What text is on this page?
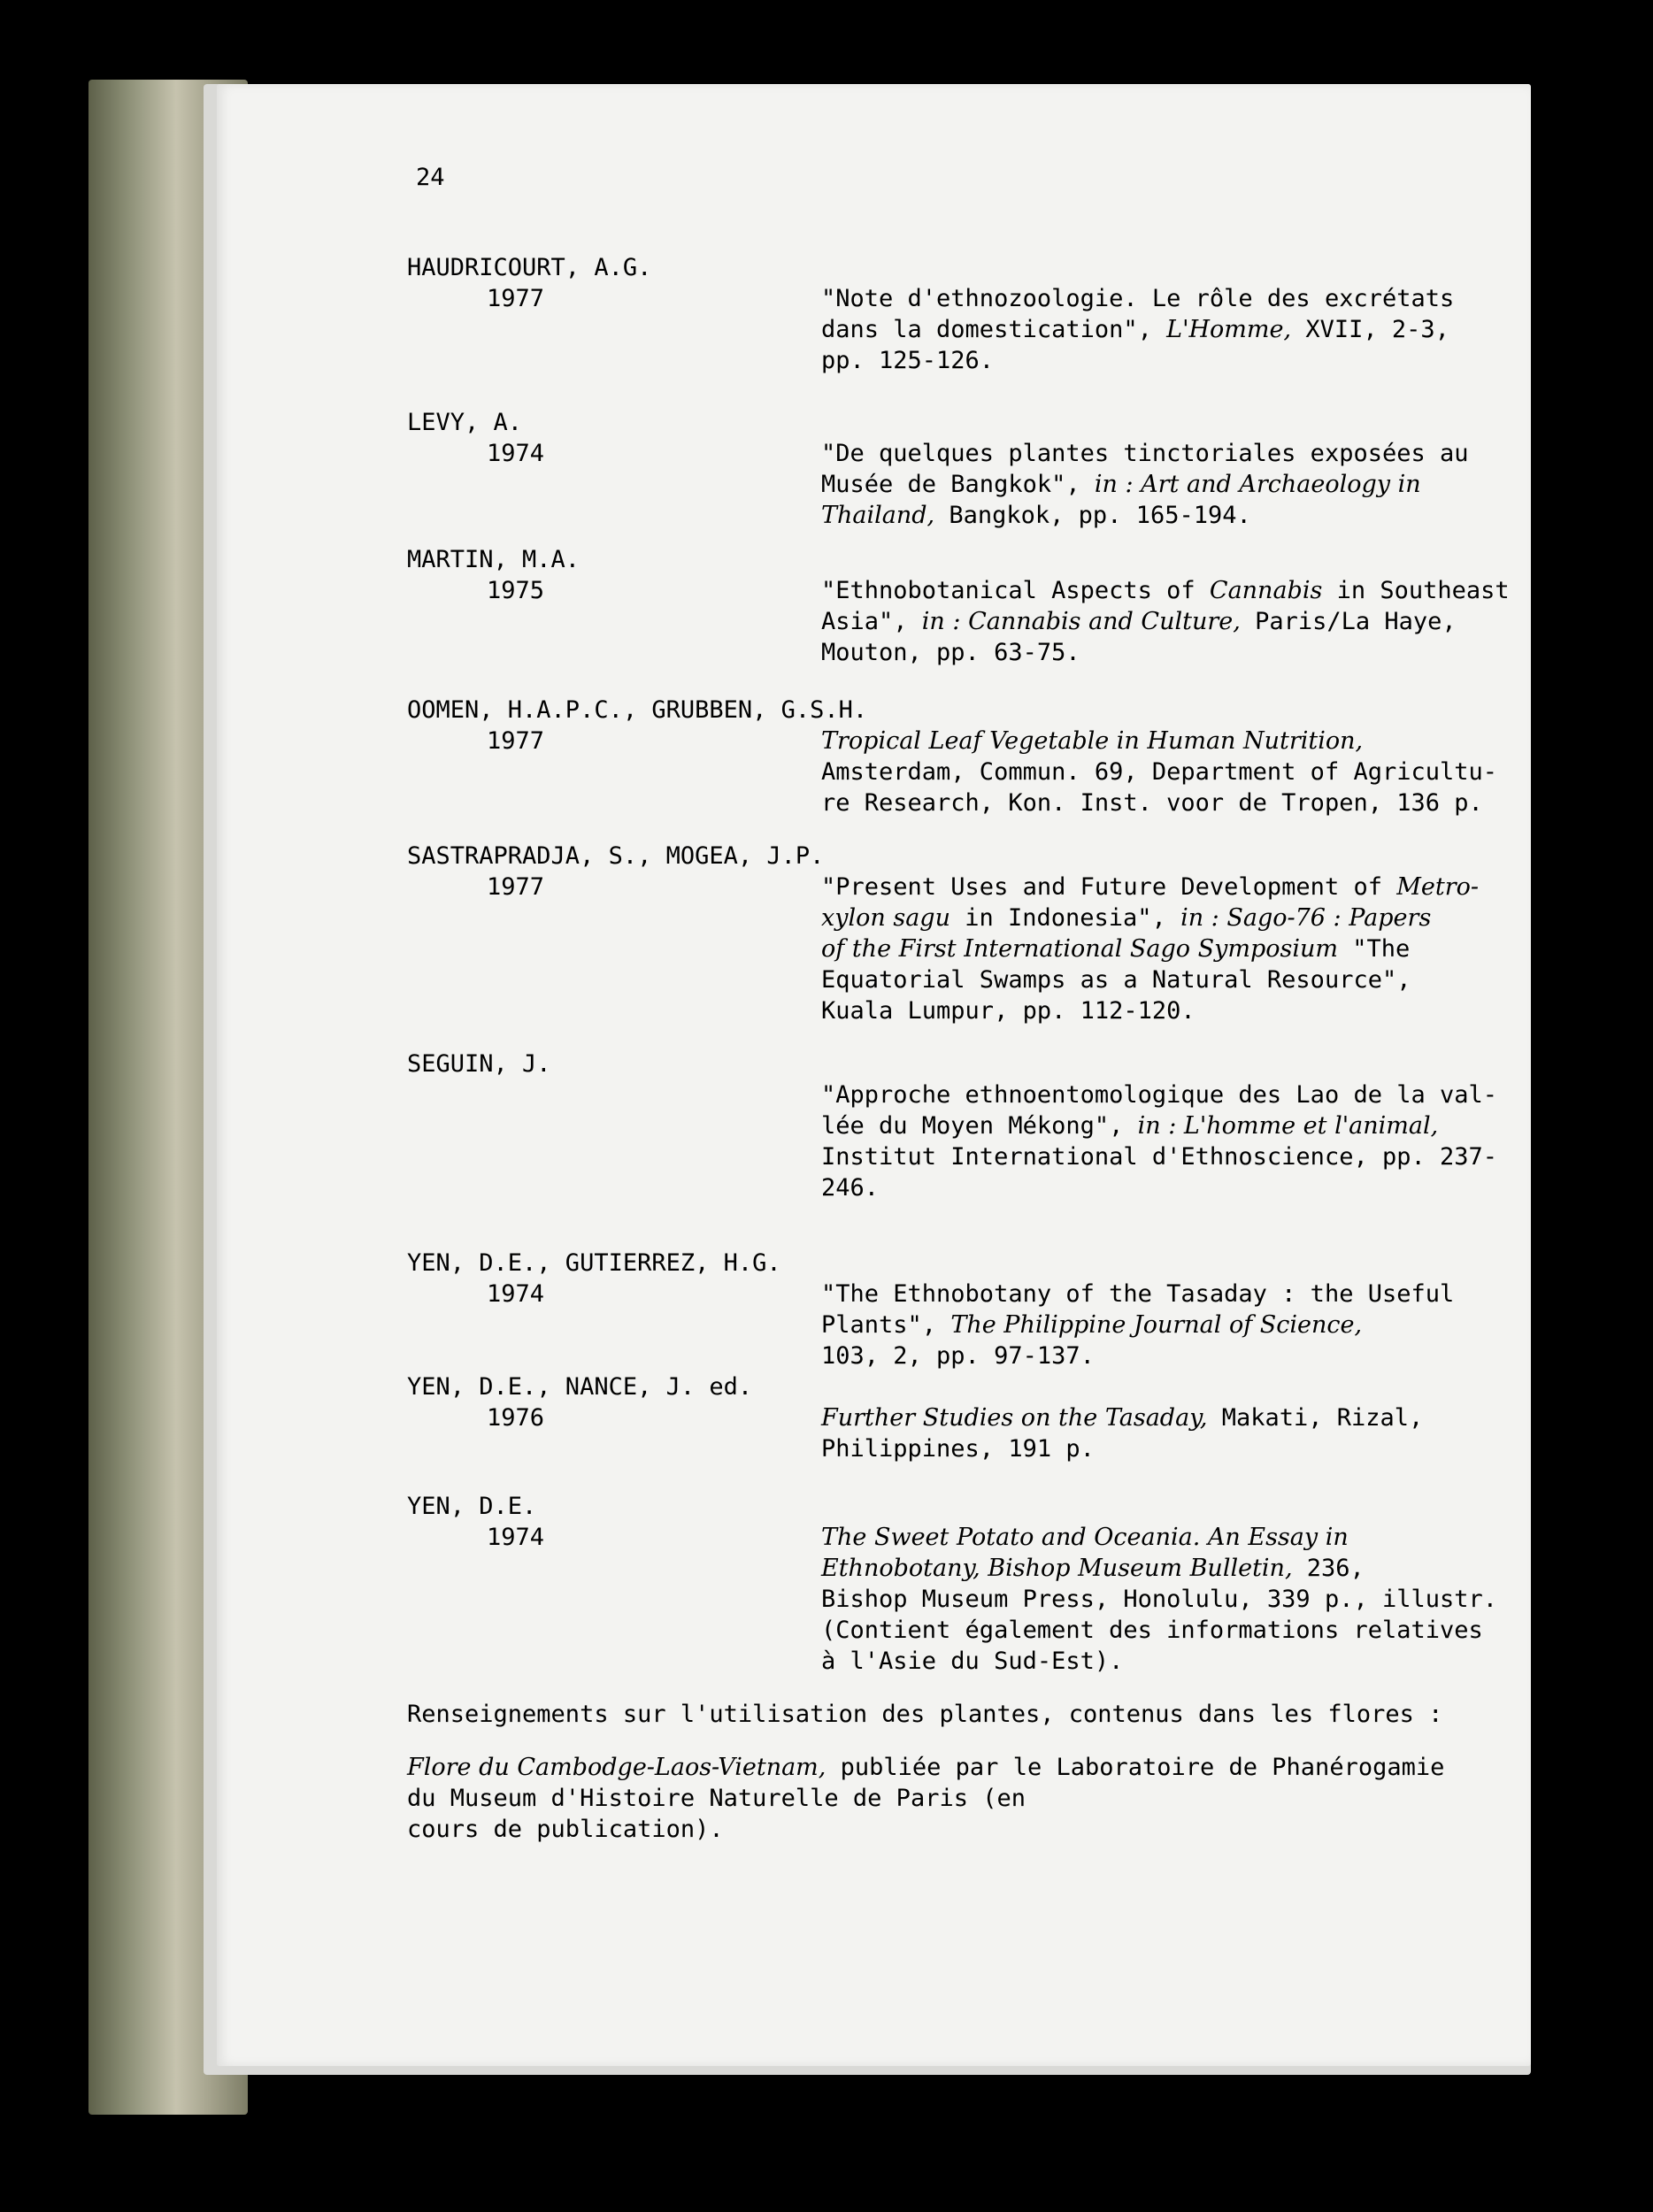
24
HAUDRICOURT, A.G.
1977	"Note d'ethnozoologie. Le rôle des excrétats
dans la domestication", L'Homme, XVII, 2-3,
pp. 125-126.
LEVY, A.
1974	"De quelques plantes tinctoriales exposées au
Musée de Bangkok", in : Art and Archaeology in
Thailand, Bangkok, pp. 165-194.
MARTIN, M.A.
1975	"Ethnobotanical Aspects of Cannabis in Southeast
Asia", in : Cannabis and Culture, Paris/La Haye,
Mouton, pp. 63-75.
OOMEN, H.A.P.C., GRUBBEN, G.S.H.
1977	Tropical Leaf Vegetable in Human Nutrition,
Amsterdam, Commun. 69, Department of Agricultu-
re Research, Kon. Inst. voor de Tropen, 136 p.
SASTRAPRADJA, S., MOGEA, J.P.
1977	"Present Uses and Future Development of Metro-
xylon sagu in Indonesia", in : Sago-76 : Papers
of the First International Sago Symposium "The
Equatorial Swamps as a Natural Resource",
Kuala Lumpur, pp. 112-120.
SEGUIN, J.
"Approche ethnoentomologique des Lao de la val-
lée du Moyen Mékong", in : L'homme et l'animal,
Institut International d'Ethnoscience, pp. 237-
246.
YEN, D.E., GUTIERREZ, H.G.
1974	"The Ethnobotany of the Tasaday : the Useful
Plants", The Philippine Journal of Science,
103, 2, pp. 97-137.
YEN, D.E., NANCE, J. ed.
1976	Further Studies on the Tasaday, Makati, Rizal,
Philippines, 191 p.
YEN, D.E.
1974	The Sweet Potato and Oceania. An Essay in
Ethnobotany, Bishop Museum Bulletin, 236,
Bishop Museum Press, Honolulu, 339 p., illustr.
(Contient également des informations relatives
à l'Asie du Sud-Est).
Renseignements sur l'utilisation des plantes, contenus dans les flores :
Flore du Cambodge-Laos-Vietnam, publiée par le Laboratoire de Phanérogamie
du Museum d'Histoire Naturelle de Paris (en
cours de publication).
